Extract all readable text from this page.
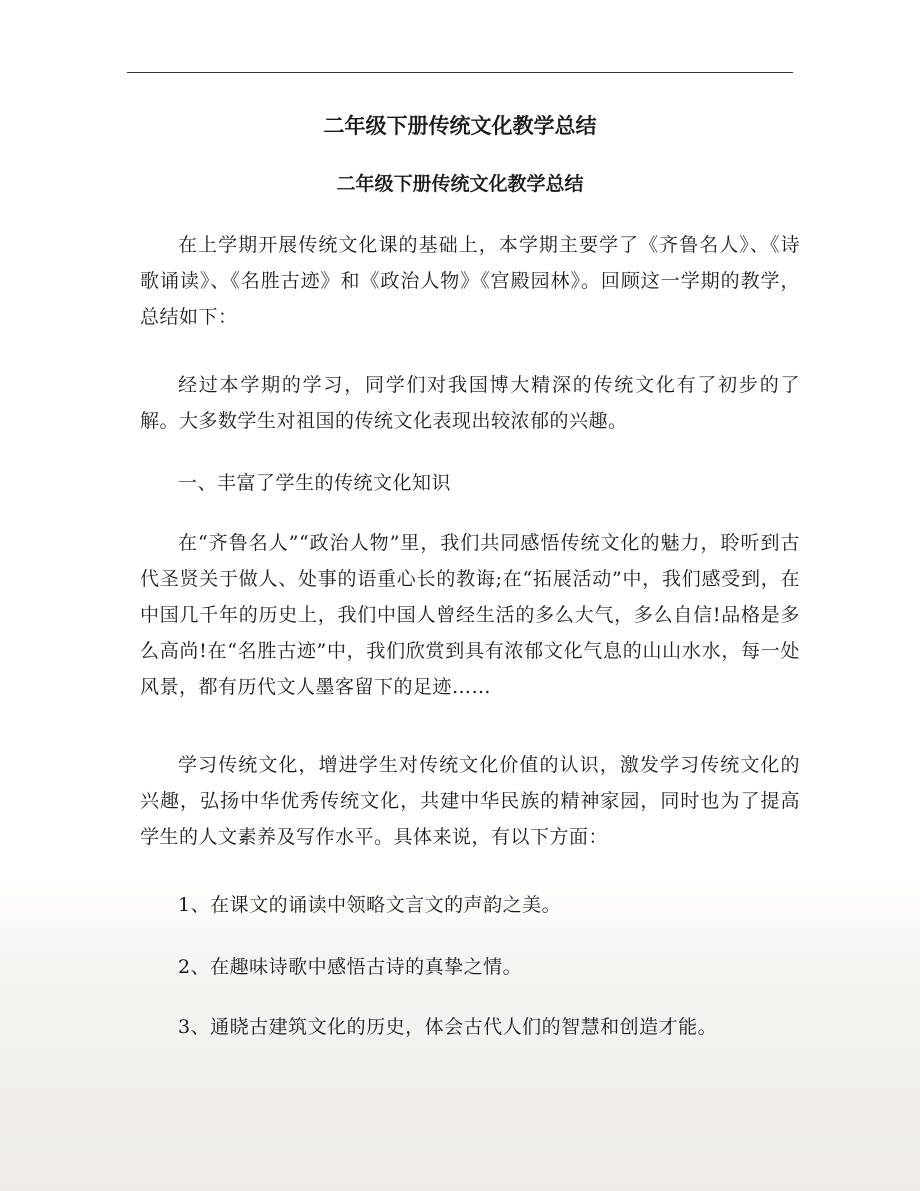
二年级下册传统文化教学总结
二年级下册传统文化教学总结

在上学期开展传统文化课的基础上，本学期主要学了《齐鲁名人》、《诗歌诵读》、《名胜古迹》和《政治人物》《宫殿园林》。回顾这一学期的教学，总结如下：

经过本学期的学习，同学们对我国博大精深的传统文化有了初步的了解。大多数学生对祖国的传统文化表现出较浓郁的兴趣。

一、丰富了学生的传统文化知识

在“齐鲁名人”“政治人物”里，我们共同感悟传统文化的魅力，聆听到古代圣贤关于做人、处事的语重心长的教诲;在“拓展活动”中，我们感受到，在中国几千年的历史上，我们中国人曾经生活的多么大气，多么自信!品格是多么高尚!在“名胜古迹”中，我们欣赏到具有浓郁文化气息的山山水水，每一处风景，都有历代文人墨客留下的足迹……

学习传统文化，增进学生对传统文化价值的认识，激发学习传统文化的兴趣，弘扬中华优秀传统文化，共建中华民族的精神家园，同时也为了提高学生的人文素养及写作水平。具体来说，有以下方面：

1、在课文的诵读中领略文言文的声韵之美。

2、在趣味诗歌中感悟古诗的真挚之情。

3、通晓古建筑文化的历史，体会古代人们的智慧和创造才能。
